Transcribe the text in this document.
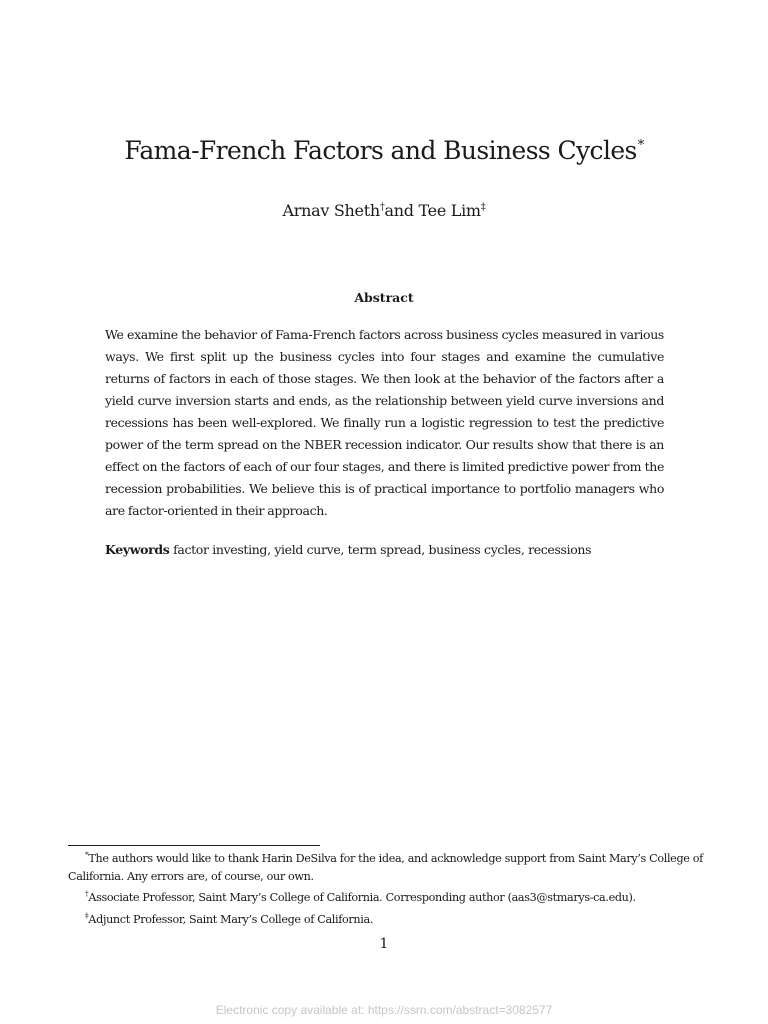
Fama-French Factors and Business Cycles*
Arnav Sheth†and Tee Lim‡
Abstract
We examine the behavior of Fama-French factors across business cycles measured in various ways. We first split up the business cycles into four stages and examine the cumulative returns of factors in each of those stages. We then look at the behavior of the factors after a yield curve inversion starts and ends, as the relationship between yield curve inversions and recessions has been well-explored. We finally run a logistic regression to test the predictive power of the term spread on the NBER recession indicator. Our results show that there is an effect on the factors of each of our four stages, and there is limited predictive power from the recession probabilities. We believe this is of practical importance to portfolio managers who are factor-oriented in their approach.
Keywords factor investing, yield curve, term spread, business cycles, recessions

*The authors would like to thank Harin DeSilva for the idea, and acknowledge support from Saint Mary’s College of California. Any errors are, of course, our own.

†Associate Professor, Saint Mary’s College of California. Corresponding author (aas3@stmarys-ca.edu).

‡Adjunct Professor, Saint Mary’s College of California.

1
Electronic copy available at: https://ssrn.com/abstract=3082577
